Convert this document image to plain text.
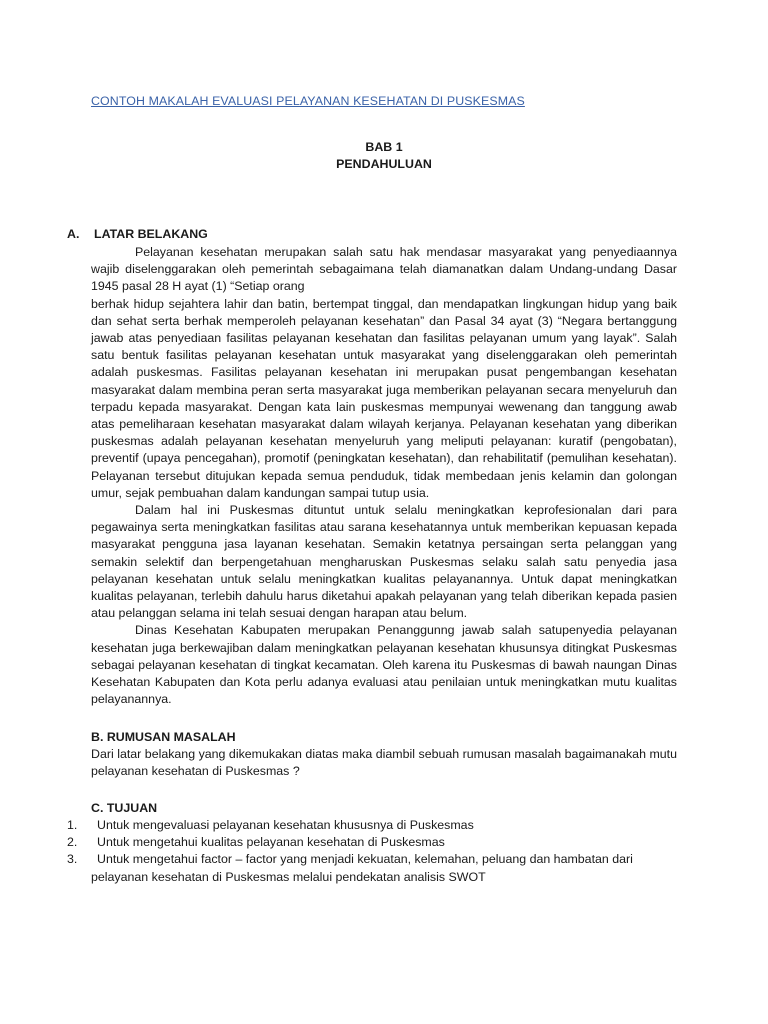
CONTOH MAKALAH EVALUASI PELAYANAN KESEHATAN DI PUSKESMAS
BAB 1
PENDAHULUAN
A. LATAR BELAKANG

Pelayanan kesehatan merupakan salah satu hak mendasar masyarakat yang penyediaannya wajib diselenggarakan oleh pemerintah sebagaimana telah diamanatkan dalam Undang-undang Dasar 1945 pasal 28 H ayat (1) “Setiap orang

berhak hidup sejahtera lahir dan batin, bertempat tinggal, dan mendapatkan lingkungan hidup yang baik dan sehat serta berhak memperoleh pelayanan kesehatan” dan Pasal 34 ayat (3) “Negara bertanggung jawab atas penyediaan fasilitas pelayanan kesehatan dan fasilitas pelayanan umum yang layak”. Salah satu bentuk fasilitas pelayanan kesehatan untuk masyarakat yang diselenggarakan oleh pemerintah adalah puskesmas. Fasilitas pelayanan kesehatan ini merupakan pusat pengembangan kesehatan masyarakat dalam membina peran serta masyarakat juga memberikan pelayanan secara menyeluruh dan terpadu kepada masyarakat. Dengan kata lain puskesmas mempunyai wewenang dan tanggung awab atas pemeliharaan kesehatan masyarakat dalam wilayah kerjanya. Pelayanan kesehatan yang diberikan puskesmas adalah pelayanan kesehatan menyeluruh yang meliputi pelayanan: kuratif (pengobatan), preventif (upaya pencegahan), promotif (peningkatan kesehatan), dan rehabilitatif (pemulihan kesehatan). Pelayanan tersebut ditujukan kepada semua penduduk, tidak membedaan jenis kelamin dan golongan umur, sejak pembuahan dalam kandungan sampai tutup usia.

Dalam hal ini Puskesmas dituntut untuk selalu meningkatkan keprofesionalan dari para pegawainya serta meningkatkan fasilitas atau sarana kesehatannya untuk memberikan kepuasan kepada masyarakat pengguna jasa layanan kesehatan. Semakin ketatnya persaingan serta pelanggan yang semakin selektif dan berpengetahuan mengharuskan Puskesmas selaku salah satu penyedia jasa pelayanan kesehatan untuk selalu meningkatkan kualitas pelayanannya. Untuk dapat meningkatkan kualitas pelayanan, terlebih dahulu harus diketahui apakah pelayanan yang telah diberikan kepada pasien atau pelanggan selama ini telah sesuai dengan harapan atau belum.

Dinas Kesehatan Kabupaten merupakan Penanggunng jawab salah satupenyedia pelayanan kesehatan juga berkewajiban dalam meningkatkan pelayanan kesehatan khusunsya ditingkat Puskesmas sebagai pelayanan kesehatan di tingkat kecamatan. Oleh karena itu Puskesmas di bawah naungan Dinas Kesehatan Kabupaten dan Kota perlu adanya evaluasi atau penilaian untuk meningkatkan mutu kualitas pelayanannya.

B. RUMUSAN MASALAH

Dari latar belakang yang dikemukakan diatas maka diambil sebuah rumusan masalah bagaimanakah mutu pelayanan kesehatan di Puskesmas ?

C. TUJUAN
1. Untuk mengevaluasi pelayanan kesehatan khususnya di Puskesmas
2. Untuk mengetahui kualitas pelayanan kesehatan di Puskesmas
3. Untuk mengetahui factor – factor yang menjadi kekuatan, kelemahan, peluang dan hambatan dari
pelayanan kesehatan di Puskesmas melalui pendekatan analisis SWOT
